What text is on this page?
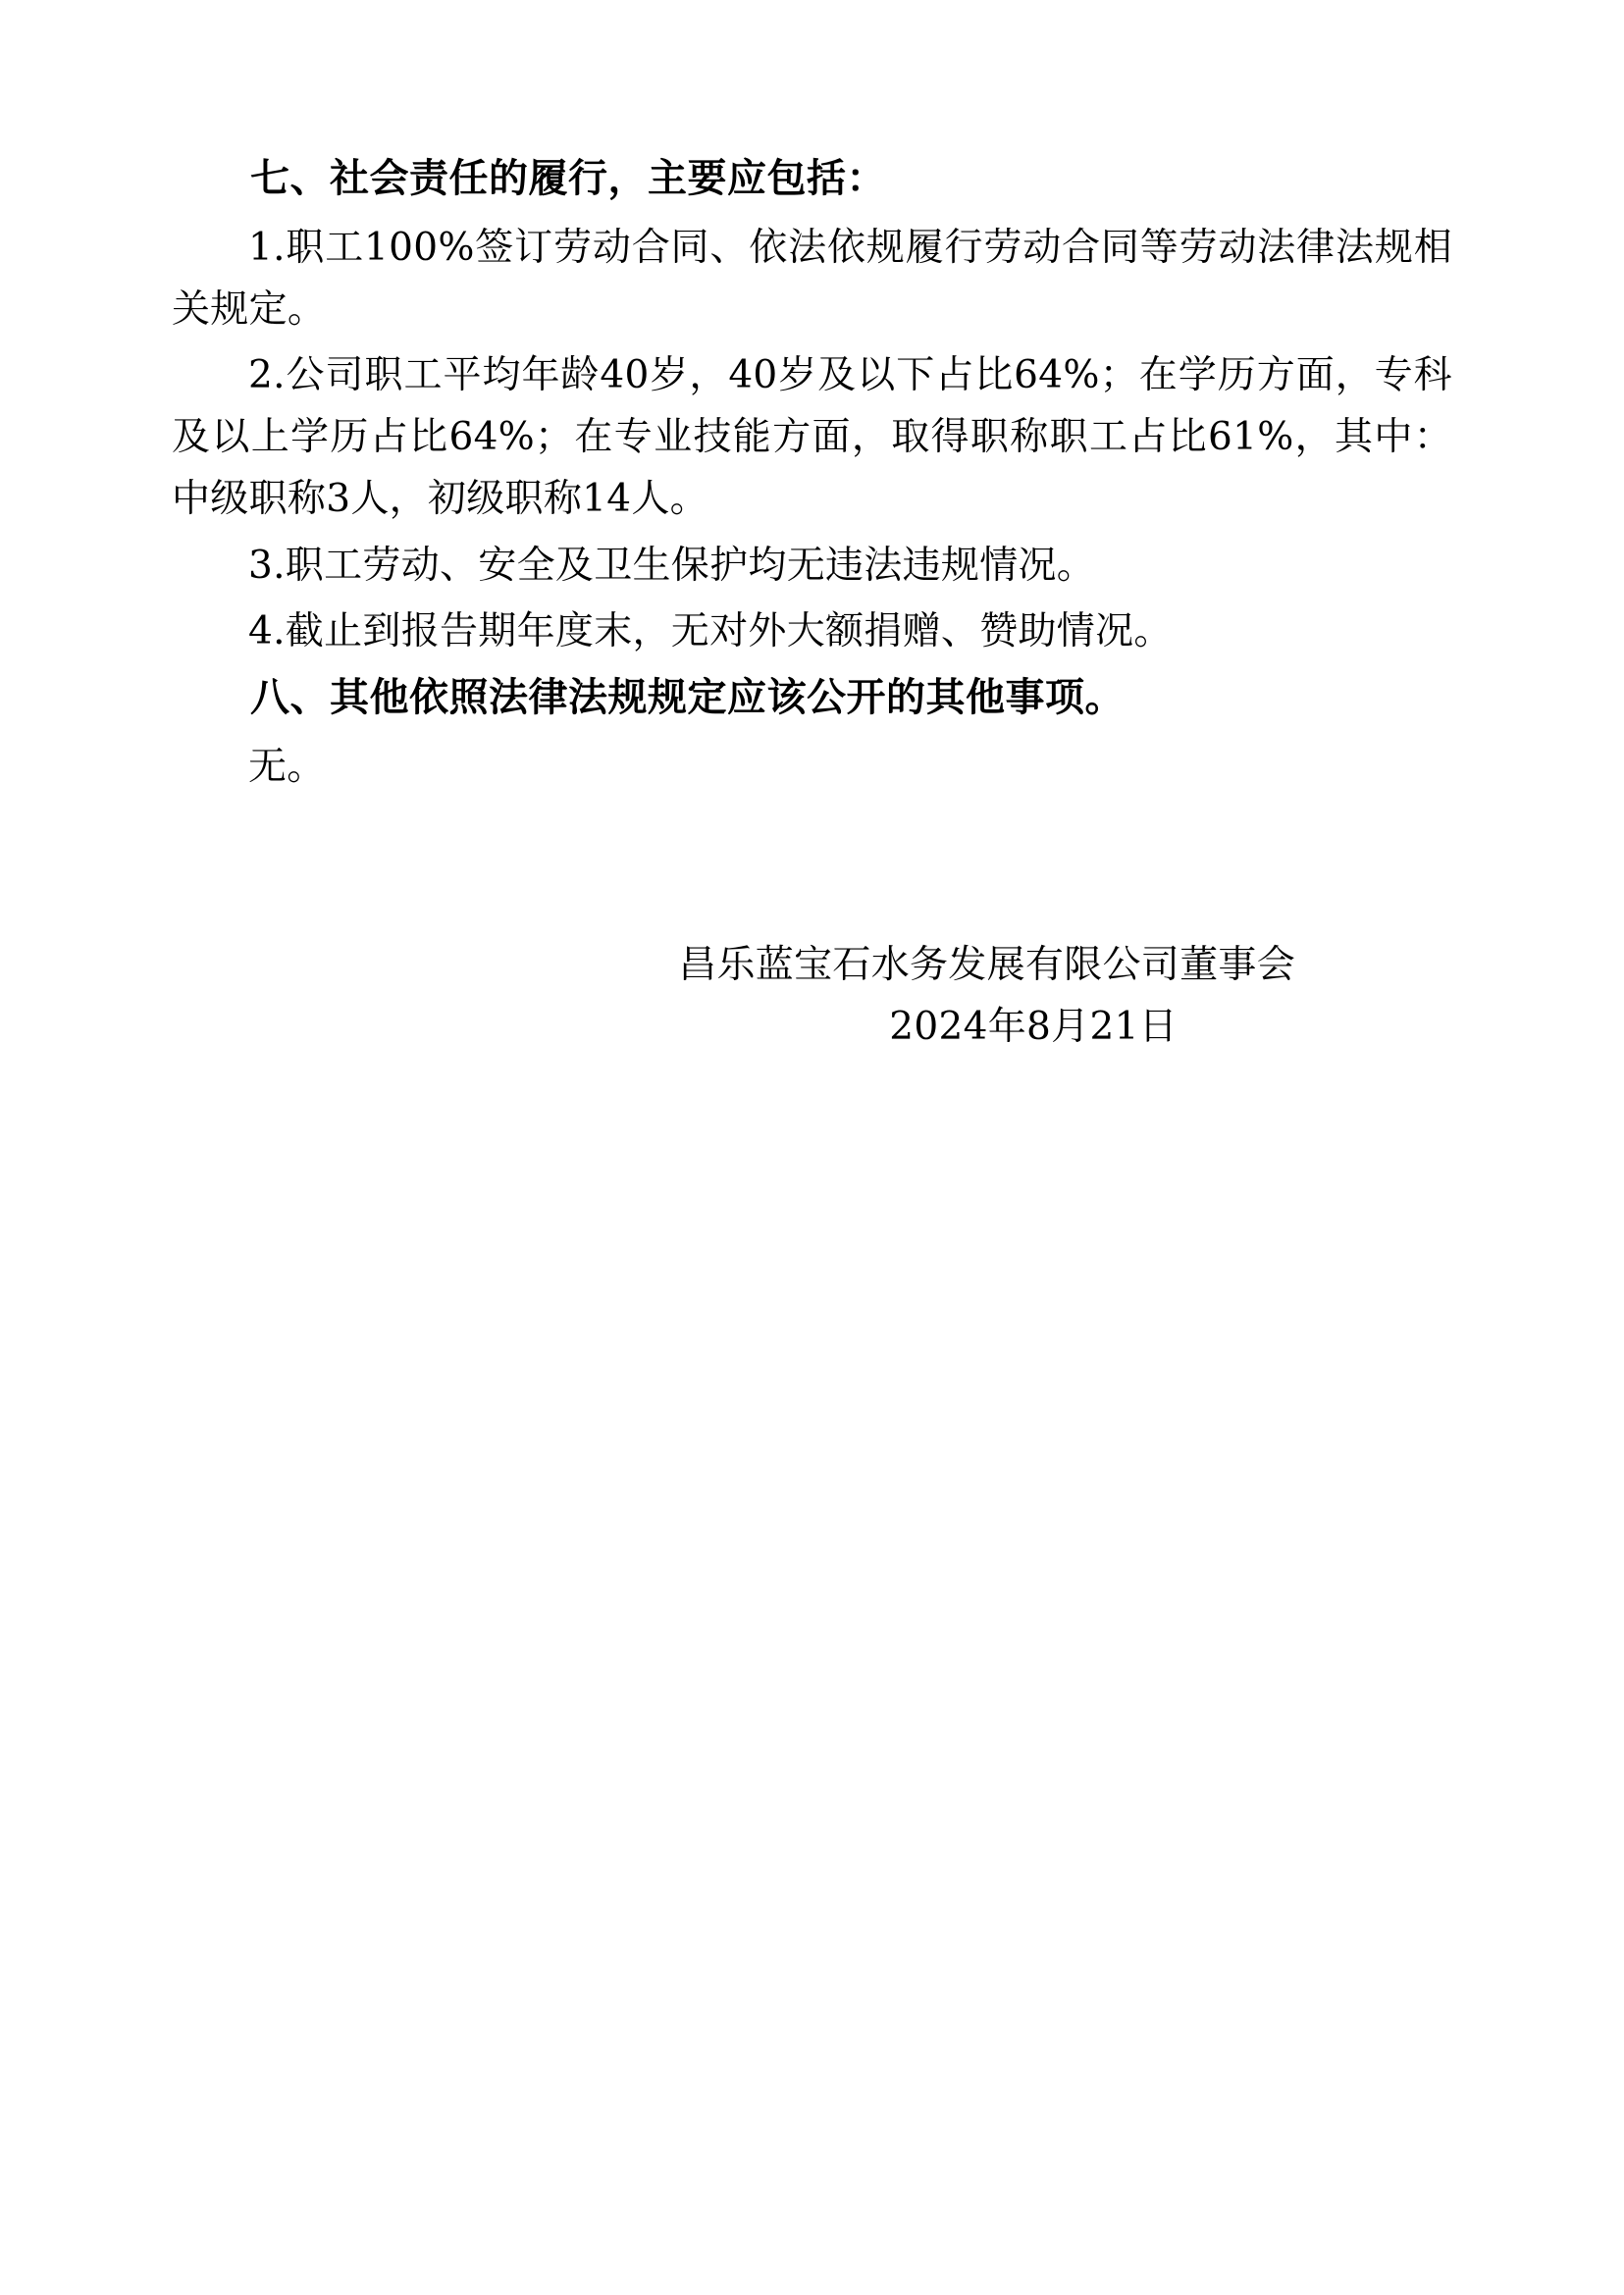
七、社会责任的履行，主要应包括：

1.职工100%签订劳动合同、依法依规履行劳动合同等劳动法律法规相关规定。

2.公司职工平均年龄40岁，40岁及以下占比64%；在学历方面，专科及以上学历占比64%；在专业技能方面，取得职称职工占比61%，其中：中级职称3人，初级职称14人。

3.职工劳动、安全及卫生保护均无违法违规情况。

4.截止到报告期年度末，无对外大额捐赠、赞助情况。

八、其他依照法律法规规定应该公开的其他事项。

无。

昌乐蓝宝石水务发展有限公司董事会

2024年8月21日
